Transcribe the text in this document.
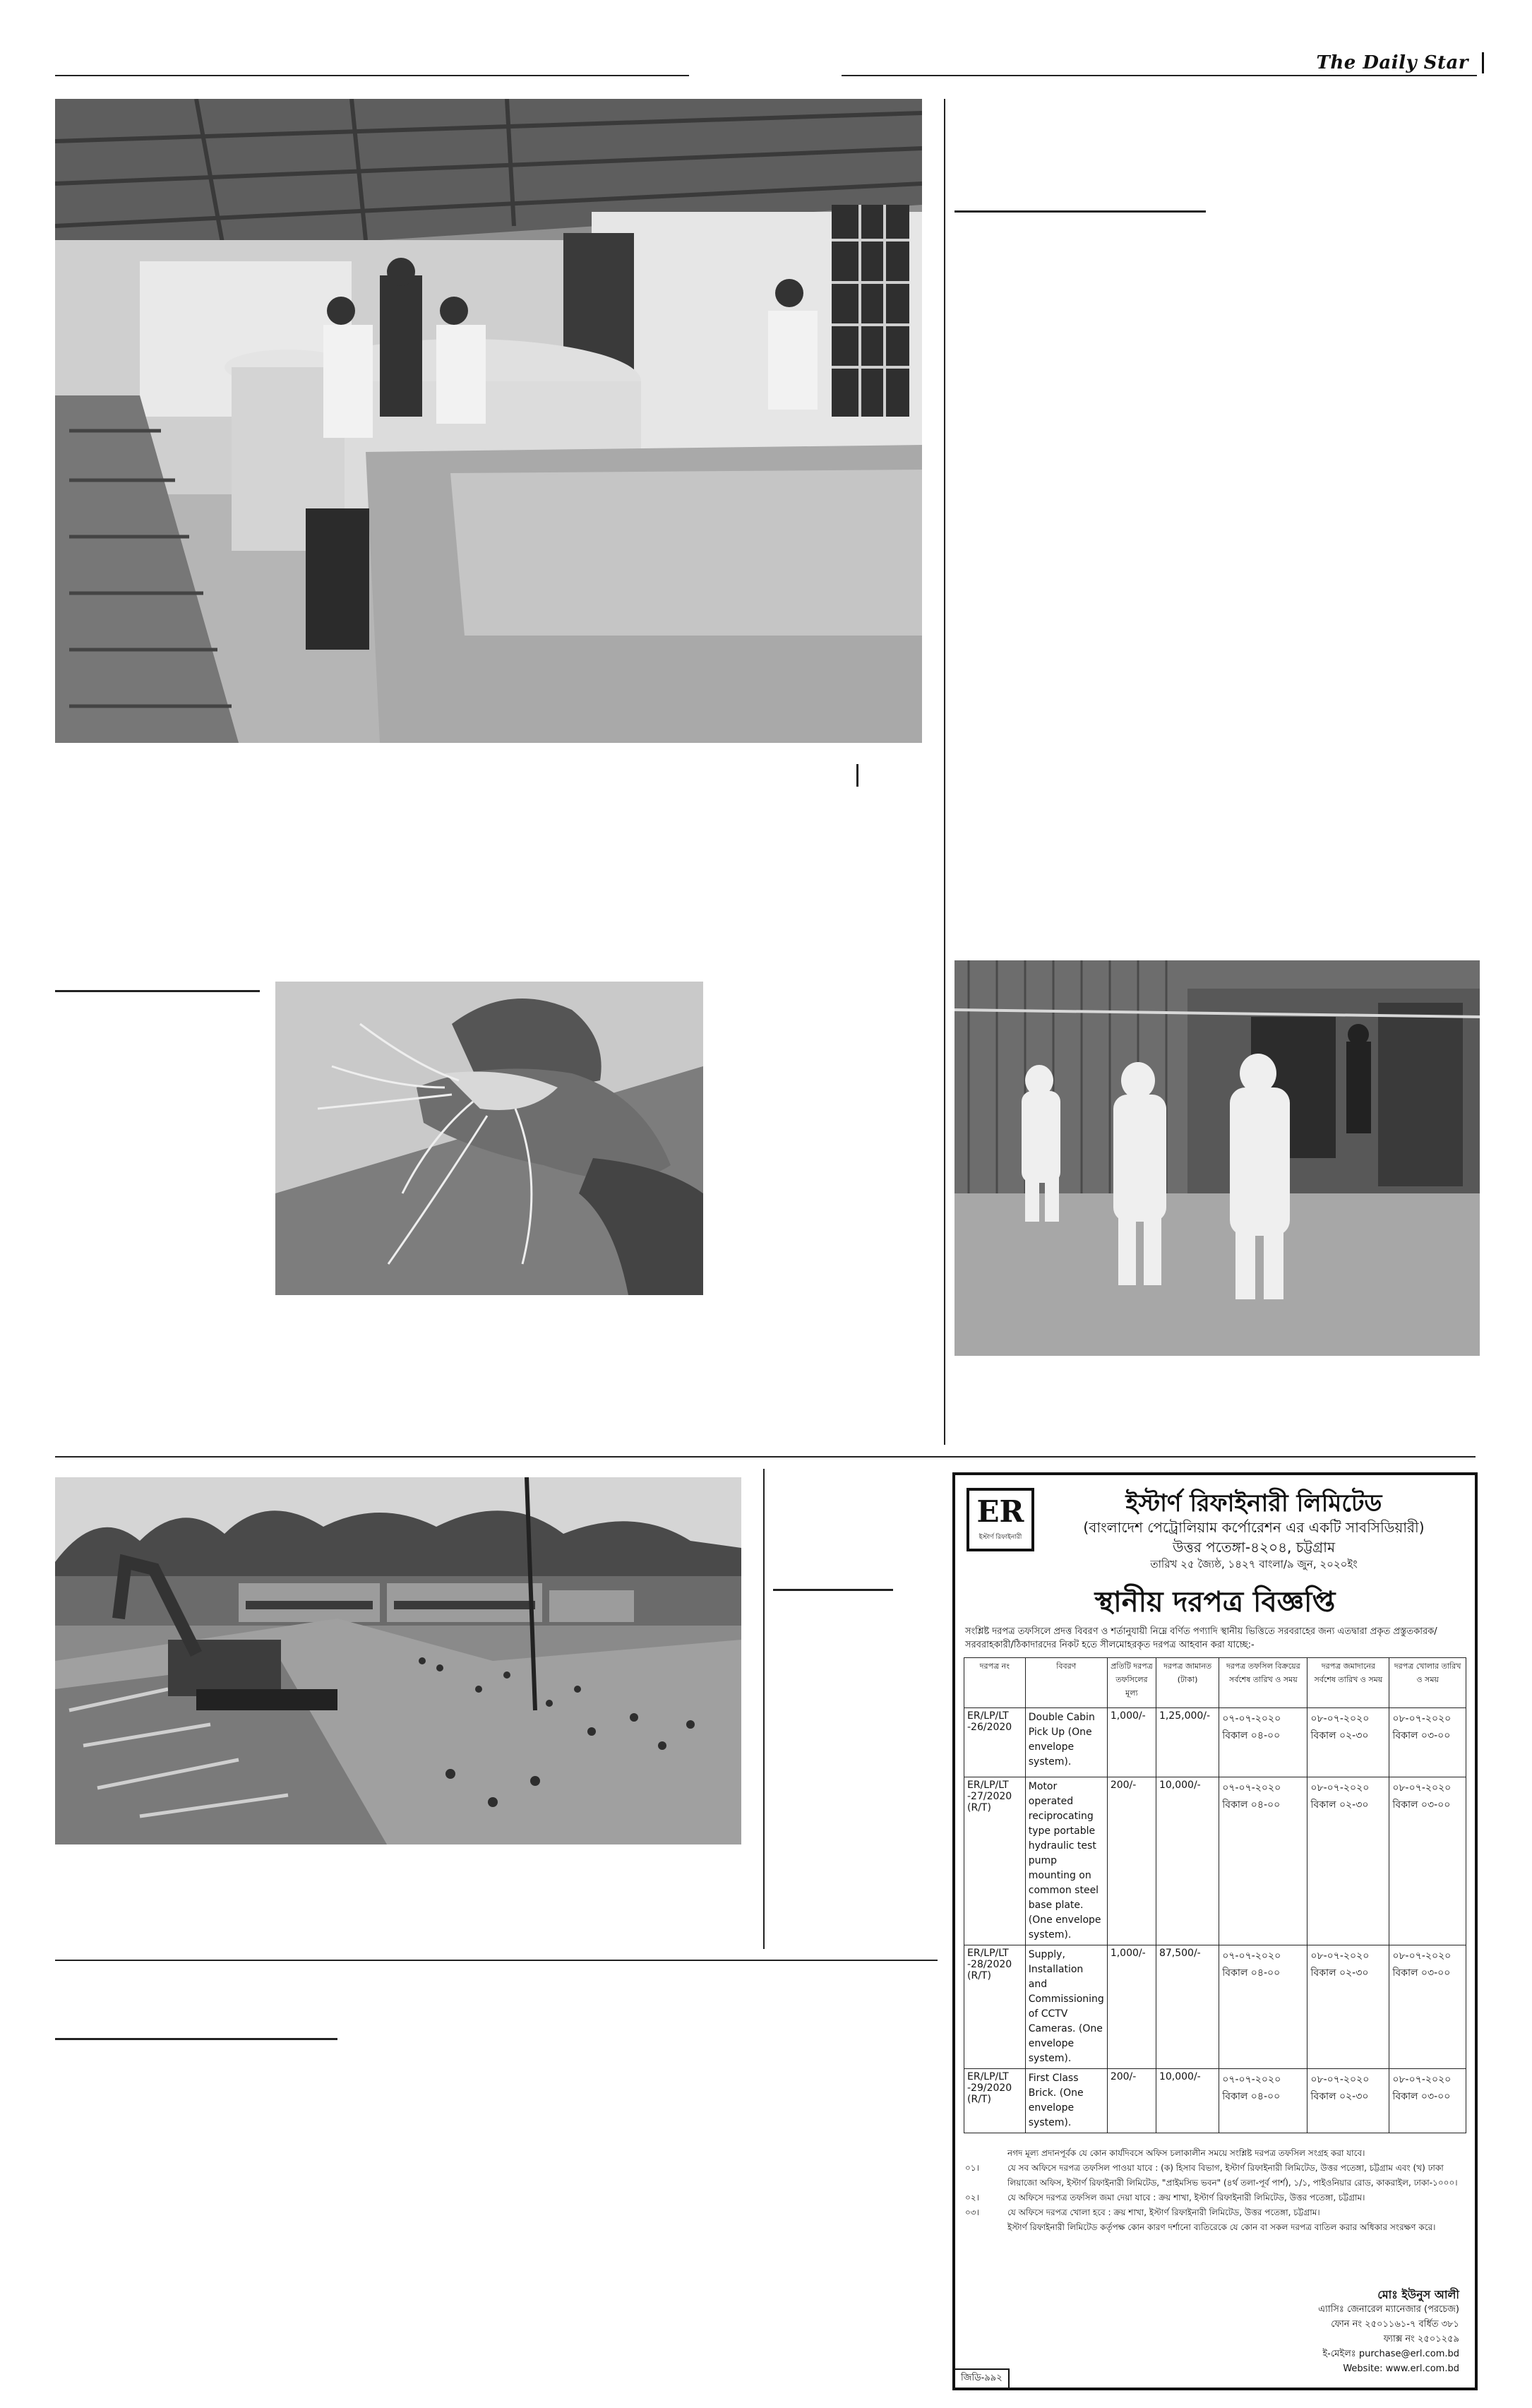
The Daily Star
ER
ইস্টার্ণ রিফাইনারী
ইস্টার্ণ রিফাইনারী লিমিটেড
(বাংলাদেশ পেট্রোলিয়াম কর্পোরেশন এর একটি সাবসিডিয়ারী)
উত্তর পতেঙ্গা-৪২০৪, চট্টগ্রাম
তারিখ ২৫ জ্যৈষ্ঠ, ১৪২৭ বাংলা/৯ জুন, ২০২০ইং
স্থানীয় দরপত্র বিজ্ঞপ্তি
সংশ্লিষ্ট দরপত্র তফসিলে প্রদত্ত বিবরণ ও শর্তানুযায়ী নিম্নে বর্ণিত পণ্যাদি স্থানীয় ভিত্তিতে সরবরাহের জন্য এতদ্বারা প্রকৃত প্রস্তুতকারক/ সরবরাহকারী/ঠিকাদারদের নিকট হতে সীলমোহরকৃত দরপত্র আহবান করা যাচ্ছে:-
দরপত্র নং	বিবরণ	প্রতিটি দরপত্র তফসিলের মূল্য	দরপত্র জামানত (টাকা)	দরপত্র তফসিল বিক্রয়ের সর্বশেষ তারিখ ও সময়	দরপত্র জমাদানের সর্বশেষ তারিখ ও সময়	দরপত্র খোলার তারিখ ও সময়
ER/LP/LT -26/2020	Double Cabin Pick Up (One envelope system).	1,000/-	1,25,000/-	০৭-০৭-২০২০ বিকাল ০৪-০০	০৮-০৭-২০২০ বিকাল ০২-৩০	০৮-০৭-২০২০ বিকাল ০৩-০০
ER/LP/LT -27/2020 (R/T)	Motor operated reciprocating type portable hydraulic test pump mounting on common steel base plate. (One envelope system).	200/-	10,000/-	০৭-০৭-২০২০ বিকাল ০৪-০০	০৮-০৭-২০২০ বিকাল ০২-৩০	০৮-০৭-২০২০ বিকাল ০৩-০০
ER/LP/LT -28/2020 (R/T)	Supply, Installation and Commissioning of CCTV Cameras. (One envelope system).	1,000/-	87,500/-	০৭-০৭-২০২০ বিকাল ০৪-০০	০৮-০৭-২০২০ বিকাল ০২-৩০	০৮-০৭-২০২০ বিকাল ০৩-০০
ER/LP/LT -29/2020 (R/T)	First Class Brick. (One envelope system).	200/-	10,000/-	০৭-০৭-২০২০ বিকাল ০৪-০০	০৮-০৭-২০২০ বিকাল ০২-৩০	০৮-০৭-২০২০ বিকাল ০৩-০০
নগদ মূল্য প্রদানপূর্বক যে কোন কার্যদিবসে অফিস চলাকালীন সময়ে সংশ্লিষ্ট দরপত্র তফসিল সংগ্রহ করা যাবে।
০১।	যে সব অফিসে দরপত্র তফসিল পাওয়া যাবে : (ক) হিসাব বিভাগ, ইস্টার্ণ রিফাইনারী লিমিটেড, উত্তর পতেঙ্গা, চট্টগ্রাম এবং (খ) ঢাকা লিয়াজো অফিস, ইস্টার্ণ রিফাইনারী লিমিটেড, "প্রাইমসিভ ভবন" (৪র্থ তলা-পূর্ব পার্শ), ১/১, পাইওনিয়ার রোড, কাকরাইল, ঢাকা-১০০০।
০২।	যে অফিসে দরপত্র তফসিল জমা দেয়া যাবে : ক্রয় শাখা, ইস্টার্ণ রিফাইনারী লিমিটেড, উত্তর পতেঙ্গা, চট্টগ্রাম।
০৩।	যে অফিসে দরপত্র খোলা হবে : ক্রয় শাখা, ইস্টার্ণ রিফাইনারী লিমিটেড, উত্তর পতেঙ্গা, চট্টগ্রাম।
ইস্টার্ণ রিফাইনারী লিমিটেড কর্তৃপক্ষ কোন কারণ দর্শানো ব্যতিরেকে যে কোন বা সকল দরপত্র বাতিল করার অধিকার সংরক্ষণ করে।
মোঃ ইউনুস আলী
এ্যাসিঃ জেনারেল ম্যানেজার (পরচেজ)
ফোন নং ২৫০১১৬১-৭ বর্ধিত ৩৮১
ফ্যাক্স নং ২৫০১২৫৯
ই-মেইলঃ purchase@erl.com.bd
Website: www.erl.com.bd
জিডি-৯৯২
